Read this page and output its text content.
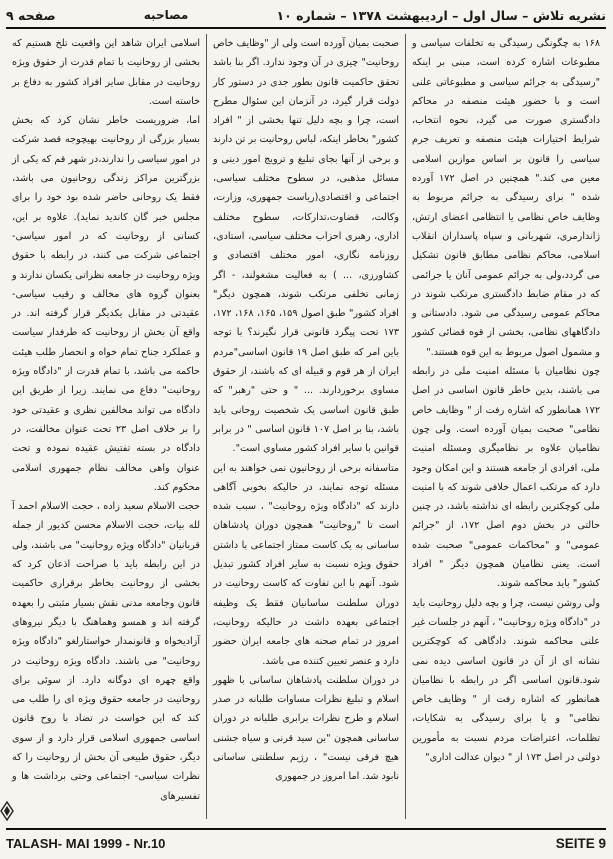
نشریه تلاش – سال اول – اردیبهشت ۱۳۷۸ – شماره ۱۰
مصاحبه
صفحه ۹

۱۶۸ به چگونگی رسیدگی به تخلفات سیاسی و مطبوعات اشاره کرده است، مبنی بر اینکه "رسیدگی به جرائم سیاسی و مطبوعاتی علنی است و با حضور هیئت منصفه در محاکم دادگستری صورت می گیرد، نحوه انتخاب، شرایط اختیارات هیئت منصفه و تعریف جرم سیاسی را قانون بر اساس موازین اسلامی معین می کند." همچنین در اصل ۱۷۲ آورده شده " برای رسیدگی به جرائم مربوط به وظایف خاص نظامی یا انتظامی اعضای ارتش، ژاندارمری، شهربانی و سپاه پاسداران انقلاب اسلامی، محاکم نظامی مطابق قانون تشکیل می گردد،ولی به جرائم عمومی آنان یا جرائمی که در مقام ضابط دادگستری مرتکب شوند در محاکم عمومی رسیدگی می شود. دادستانی و دادگاههای نظامی، بخشی از قوه قضائی کشور و مشمول اصول مربوط به این قوه هستند."

چون نظامیان با مسئله امنیت ملی در رابطه می باشند، بدین خاطر قانون اساسی در اصل ۱۷۲ همانطور که اشاره رفت از " وظایف خاص نظامی" صحبت بمیان آورده است. ولی چون نظامیان علاوه بر نظامیگری ومسئله امنیت ملی، افرادی از جامعه هستند و این امکان وجود دارد که مرتکب اعمال خلافی شوند که با امنیت ملی کوچکترین رابطه ای نداشته باشد، در چنین حالتی در بخش دوم اصل ۱۷۲، از "جرائم عمومی" و "محاکمات عمومی" صحبت شده است. یعنی نظامیان همچون دیگر " افراد کشور" باید محاکمه شوند.

ولی روشن نیست، چرا و بچه دلیل روحانیت باید در "دادگاه ویژه روحانیت" ، آنهم در جلسات غیر علنی محاکمه شوند. دادگاهی که کوچکترین نشانه ای از آن در قانون اساسی دیده نمی شود.قانون اساسی اگر در رابطه با نظامیان همانطور که اشاره رفت از " وظایف خاص نظامی" و یا برای رسیدگی به شکایات، تظلمات، اعتراضات مردم نسبت به مأمورین دولتی در اصل ۱۷۳ از " دیوان عدالت اداری"

صحبت بمیان آورده است ولی از "وظایف خاص روحانیت" چیزی در آن وجود ندارد. اگر بنا باشد تحقق حاکمیت قانون بطور جدی در دستور کار دولت قرار گیرد، در آنزمان این سئوال مطرح است، چرا و بچه دلیل تنها بخشی از " افراد کشور" بخاطر اینکه، لباس روحانیت بر تن دارند و برخی از آنها بجای تبلیغ و ترویج امور دینی و مسائل مذهبی، در سطوح مختلف سیاسی، اجتماعی و اقتصادی(ریاست جمهوری، وزارت، وکالت، قضاوت،تدارکات، سطوح مختلف اداری، رهبری احزاب مختلف سیاسی، استادی، روزنامه نگاری، امور مختلف اقتصادی و کشاورزی، ... ) به فعالیت مشغولند، - اگر زمانی تخلفی مرتکب شوند، همچون دیگر" افراد کشور" طبق اصول ۱۵۹، ۱۶۵، ۱۶۸، ۱۷۲، ۱۷۳ تحت پیگرد قانونی قرار نگیرند؟ با توجه باین امر که طبق اصل ۱۹ قانون اساسی"مردم ایران از هر قوم و قبیله ای که باشند، از حقوق مساوی برخوردارند. ... " و حتی "رهبر" که طبق قانون اساسی یک شخصیت روحانی باید باشد، بنا بر اصل ۱۰۷ قانون اساسی " در برابر قوانین با سایر افراد کشور مساوی است".

متاسفانه برخی از روحانیون نمی خواهند به این مسئله توجه نمایند، در حالیکه بخوبی آگاهی دارند که "دادگاه ویژه روحانیت" ، سبب شده است تا "روحانیت" همچون دوران پادشاهان ساسانی به یک کاست ممتاز اجتماعی با داشتن حقوق ویژه نسبت به سایر افراد کشور تبدیل شود. آنهم با این تفاوت که کاست روحانیت در دوران سلطنت ساسانیان فقط یک وظیفه اجتماعی بعهده داشت در حالیکه روحانیت، امروز در تمام صحنه های جامعه ایران حضور دارد و عنصر تعیین کننده می باشد.

در دوران سلطنت پادشاهان ساسانی با ظهور اسلام و تبلیغ نظرات مساوات طلبانه در صدر اسلام و طرح نظرات برابری طلبانه در دوران ساسانی همچون "بن سید قرنی و سیاه جشنی هیچ فرقی نیست" ، رژیم سلطنتی ساسانی نابود شد. اما امروز در جمهوری

اسلامی ایران شاهد این واقعیت تلخ هستیم که بخشی از روحانیت با تمام قدرت از حقوق ویژه روحانیت در مقابل سایر افراد کشور به دفاع بر خاسته است.

اما، ضروریست خاطر نشان کرد که بخش بسیار بزرگی از روحانیت بهیچوجه قصد شرکت در امور سیاسی را ندارند،در شهر قم که یکی از بزرگترین مراکز زندگی روحانیون می باشد، فقط یک روحانی حاضر شده بود خود را برای مجلس خبر گان کاندید نماید). علاوه بر این، کسانی از روحانیت که در امور سیاسی- اجتماعی شرکت می کنند، در رابطه با حقوق ویژه روحانیت در جامعه نظراتی یکسان ندارند و بعنوان گروه های مخالف و رقیب سیاسی- عقیدتی در مقابل یکدیگر قرار گرفته اند. در واقع آن بخش از روحانیت که طرفدار سیاست و عملکرد جناح تمام خواه و انحصار طلب هیئت حاکمه می باشد، با تمام قدرت از "دادگاه ویژه روحانیت" دفاع می نمایند. زیرا از طریق این دادگاه می تواند مخالفین نظری و عقیدتی خود را بر خلاف اصل ۲۳ تحت عنوان مخالفت، در دادگاه در بسته تفتیش عقیده نموده و تحت عنوان واهی مخالف نظام جمهوری اسلامی محکوم کند.

حجت الاسلام سعید زاده ، حجت الاسلام احمد آ لله بیات، حجت الاسلام محسن کدیور از جمله قربانیان "دادگاه ویژه روحانیت" می باشند، ولی در این رابطه باید با صراحت اذعان کرد که بخشی از روحانیت بخاطر برقراری حاکمیت قانون وجامعه مدنی نقش بسیار مثبتی را بعهده گرفته اند و همسو وهماهنگ با دیگر نیروهای آزادیخواه و قانونمدار خواستارلغو "دادگاه ویژه روحانیت" می باشند. دادگاه ویژه روحانیت در واقع چهره ای دوگانه دارد. از سوئی برای روحانیت در جامعه حقوق ویژه ای را طلب می کند که این خواست در تضاد با روح قانون اساسی جمهوری اسلامی قرار دارد و از سوی دیگر، حقوق طبیعی آن بخش از روحانیت را که نظرات سیاسی- اجتماعی وحتی برداشت ها و تفسیرهای

TALASH- MAI 1999 - Nr.10	SEITE 9
